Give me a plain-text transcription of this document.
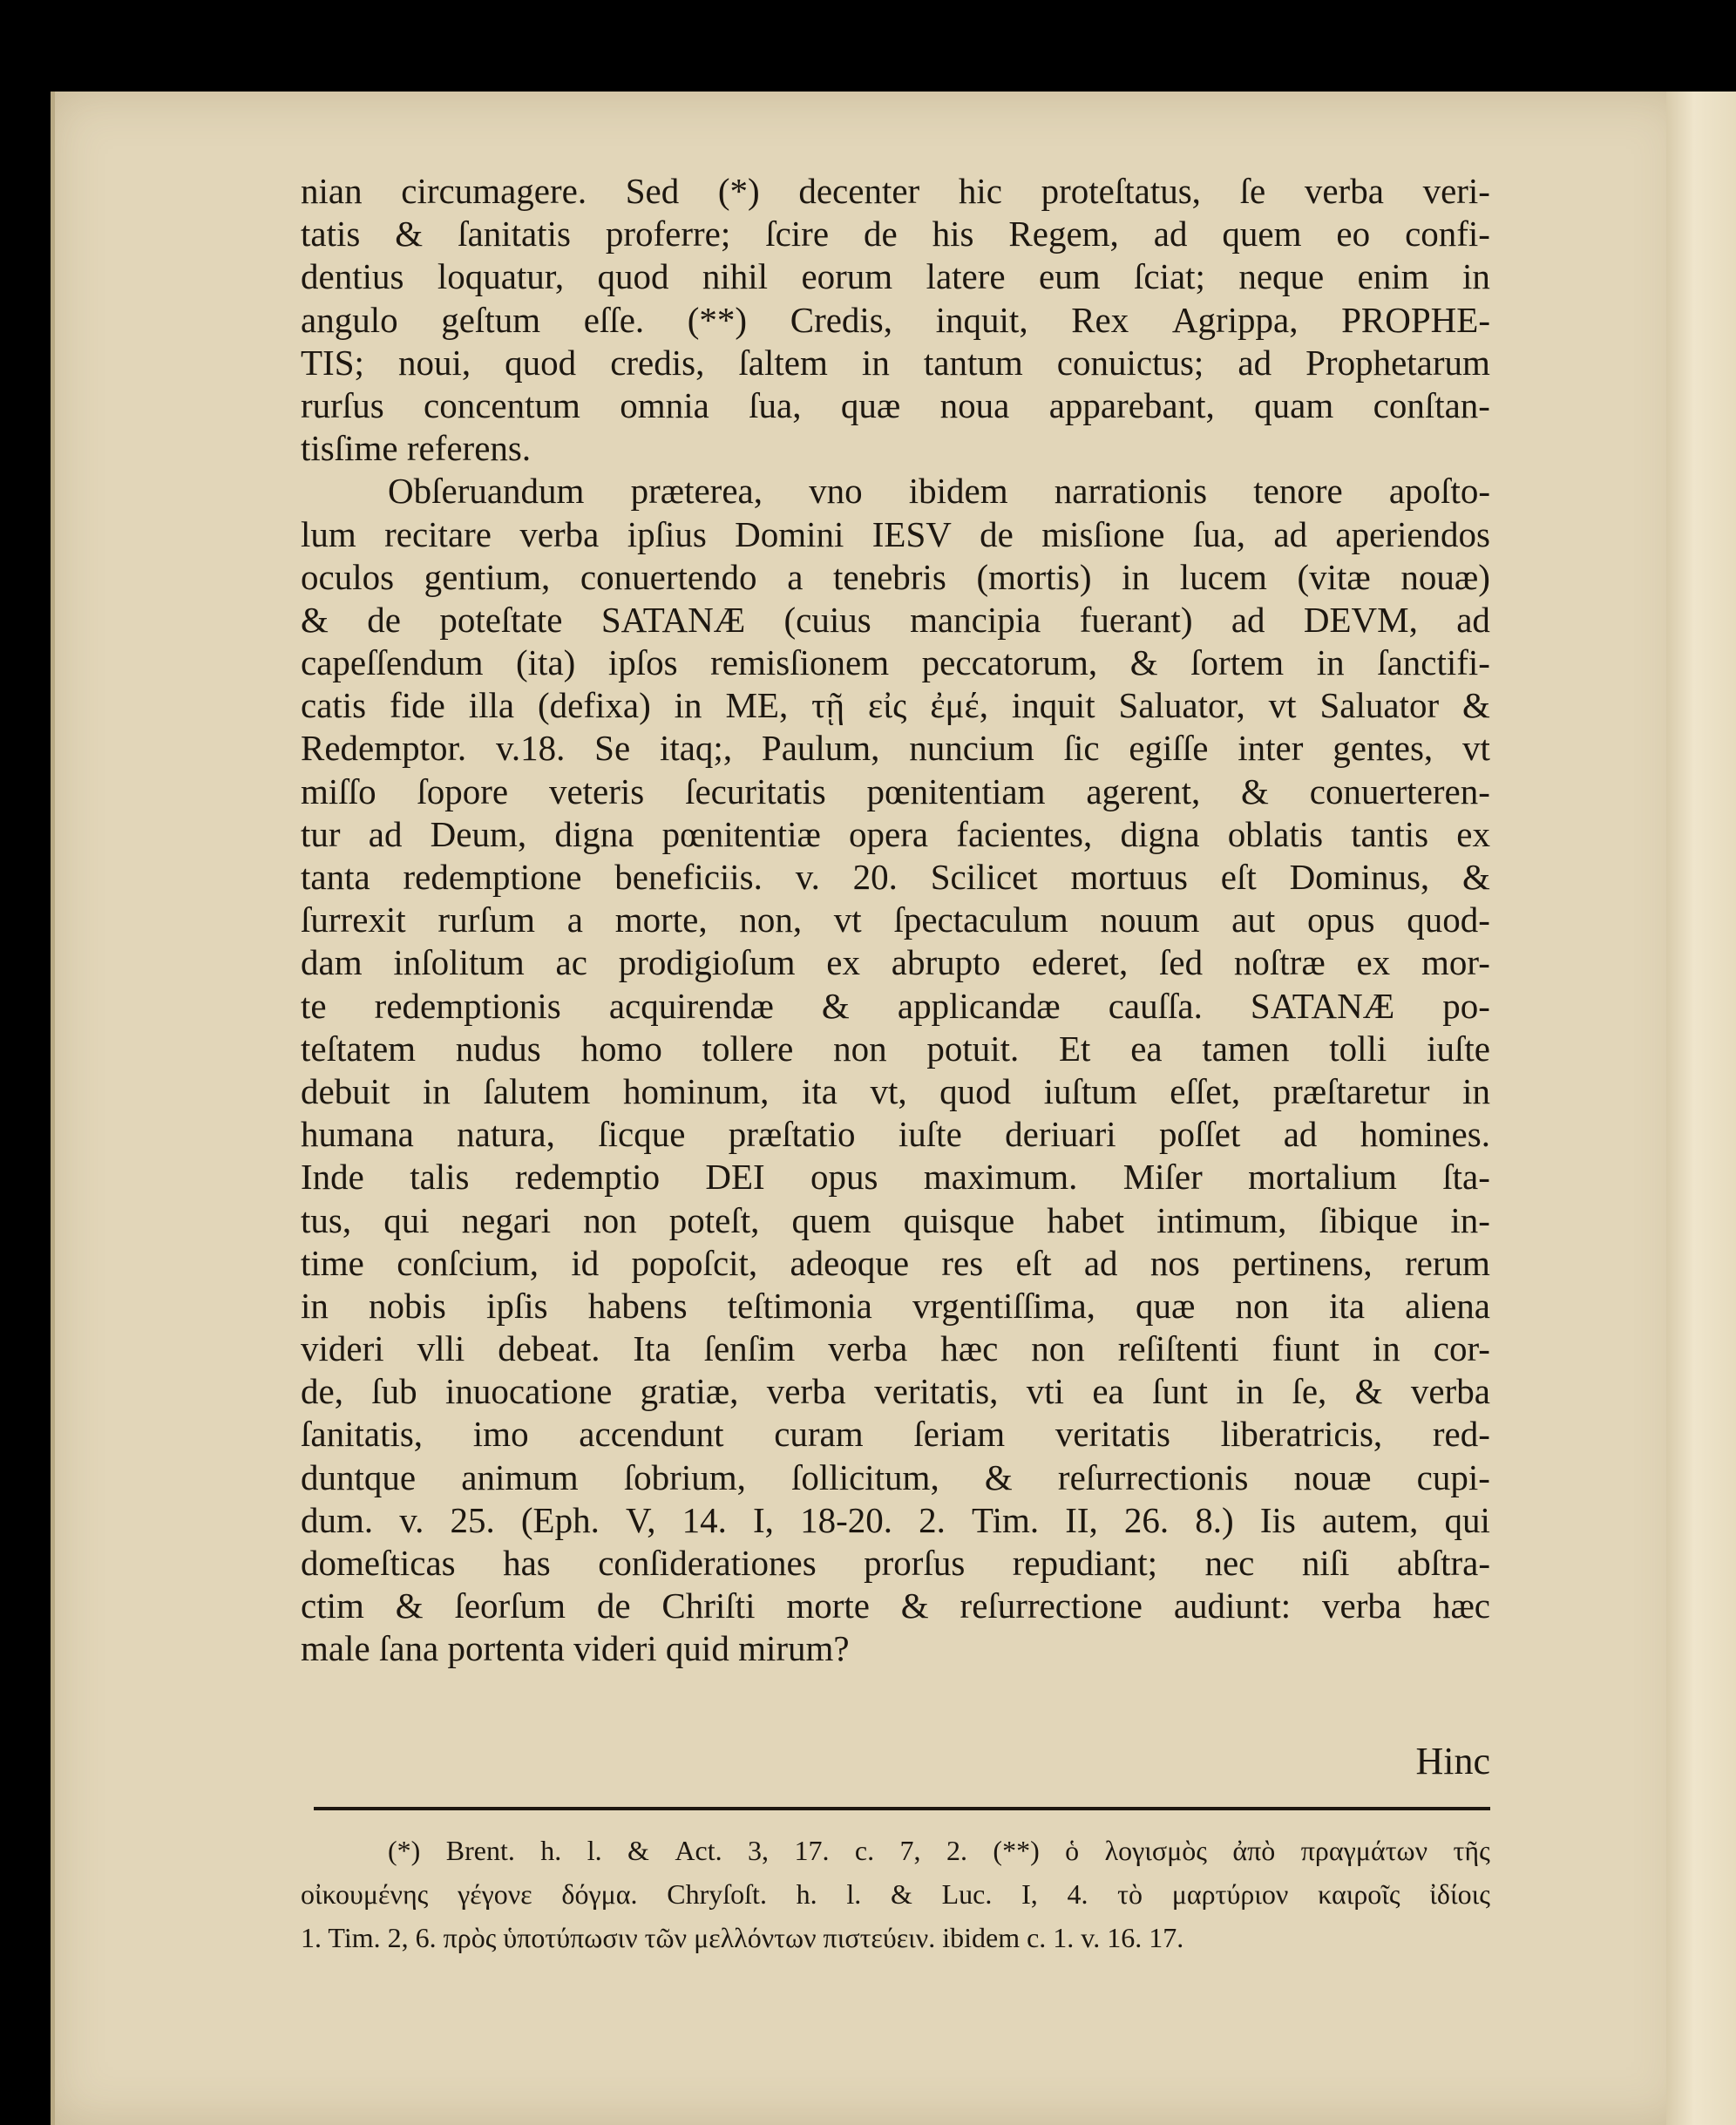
nian circumagere. Sed (*) decenter hic proteſtatus, ſe verba veri-
tatis & ſanitatis proferre; ſcire de his Regem, ad quem eo confi-
dentius loquatur, quod nihil eorum latere eum ſciat; neque enim in
angulo geſtum eſſe. (**) Credis, inquit, Rex Agrippa, PROPHE-
TIS; noui, quod credis, ſaltem in tantum conuictus; ad Prophetarum
rurſus concentum omnia ſua, quæ noua apparebant, quam conſtan-
tisſime referens.
Obſeruandum præterea, vno ibidem narrationis tenore apoſto-
lum recitare verba ipſius Domini IESV de misſione ſua, ad aperiendos
oculos gentium, conuertendo a tenebris (mortis) in lucem (vitæ nouæ)
& de poteſtate SATANÆ (cuius mancipia fuerant) ad DEVM, ad
capeſſendum (ita) ipſos remisſionem peccatorum, & ſortem in ſanctifi-
catis fide illa (defixa) in ME, τῇ εἰς ἐμέ, inquit Saluator, vt Saluator &
Redemptor. v.18. Se itaq;, Paulum, nuncium ſic egiſſe inter gentes, vt
miſſo ſopore veteris ſecuritatis pœnitentiam agerent, & conuerteren-
tur ad Deum, digna pœnitentiæ opera facientes, digna oblatis tantis ex
tanta redemptione beneficiis. v. 20. Scilicet mortuus eſt Dominus, &
ſurrexit rurſum a morte, non, vt ſpectaculum nouum aut opus quod-
dam inſolitum ac prodigioſum ex abrupto ederet, ſed noſtræ ex mor-
te redemptionis acquirendæ & applicandæ cauſſa. SATANÆ po-
teſtatem nudus homo tollere non potuit. Et ea tamen tolli iuſte
debuit in ſalutem hominum, ita vt, quod iuſtum eſſet, præſtaretur in
humana natura, ſicque præſtatio iuſte deriuari poſſet ad homines.
Inde talis redemptio DEI opus maximum. Miſer mortalium ſta-
tus, qui negari non poteſt, quem quisque habet intimum, ſibique in-
time conſcium, id popoſcit, adeoque res eſt ad nos pertinens, rerum
in nobis ipſis habens teſtimonia vrgentiſſima, quæ non ita aliena
videri vlli debeat. Ita ſenſim verba hæc non reſiſtenti fiunt in cor-
de, ſub inuocatione gratiæ, verba veritatis, vti ea ſunt in ſe, & verba
ſanitatis, imo accendunt curam ſeriam veritatis liberatricis, red-
duntque animum ſobrium, ſollicitum, & reſurrectionis nouæ cupi-
dum. v. 25. (Eph. V, 14. I, 18-20. 2. Tim. II, 26. 8.) Iis autem, qui
domeſticas has conſiderationes prorſus repudiant; nec niſi abſtra-
ctim & ſeorſum de Chriſti morte & reſurrectione audiunt: verba hæc
male ſana portenta videri quid mirum?
Hinc
(*) Brent. h. l. & Act. 3, 17. c. 7, 2. (**) ὁ λογισμὸς ἀπὸ πραγμάτων τῆς
οἰκουμένης γέγονε δόγμα. Chryſoſt. h. l. & Luc. I, 4. τὸ μαρτύριον καιροῖς ἰδίοις
1. Tim. 2, 6. πρὸς ὑποτύπωσιν τῶν μελλόντων πιστεύειν. ibidem c. 1. v. 16. 17.
